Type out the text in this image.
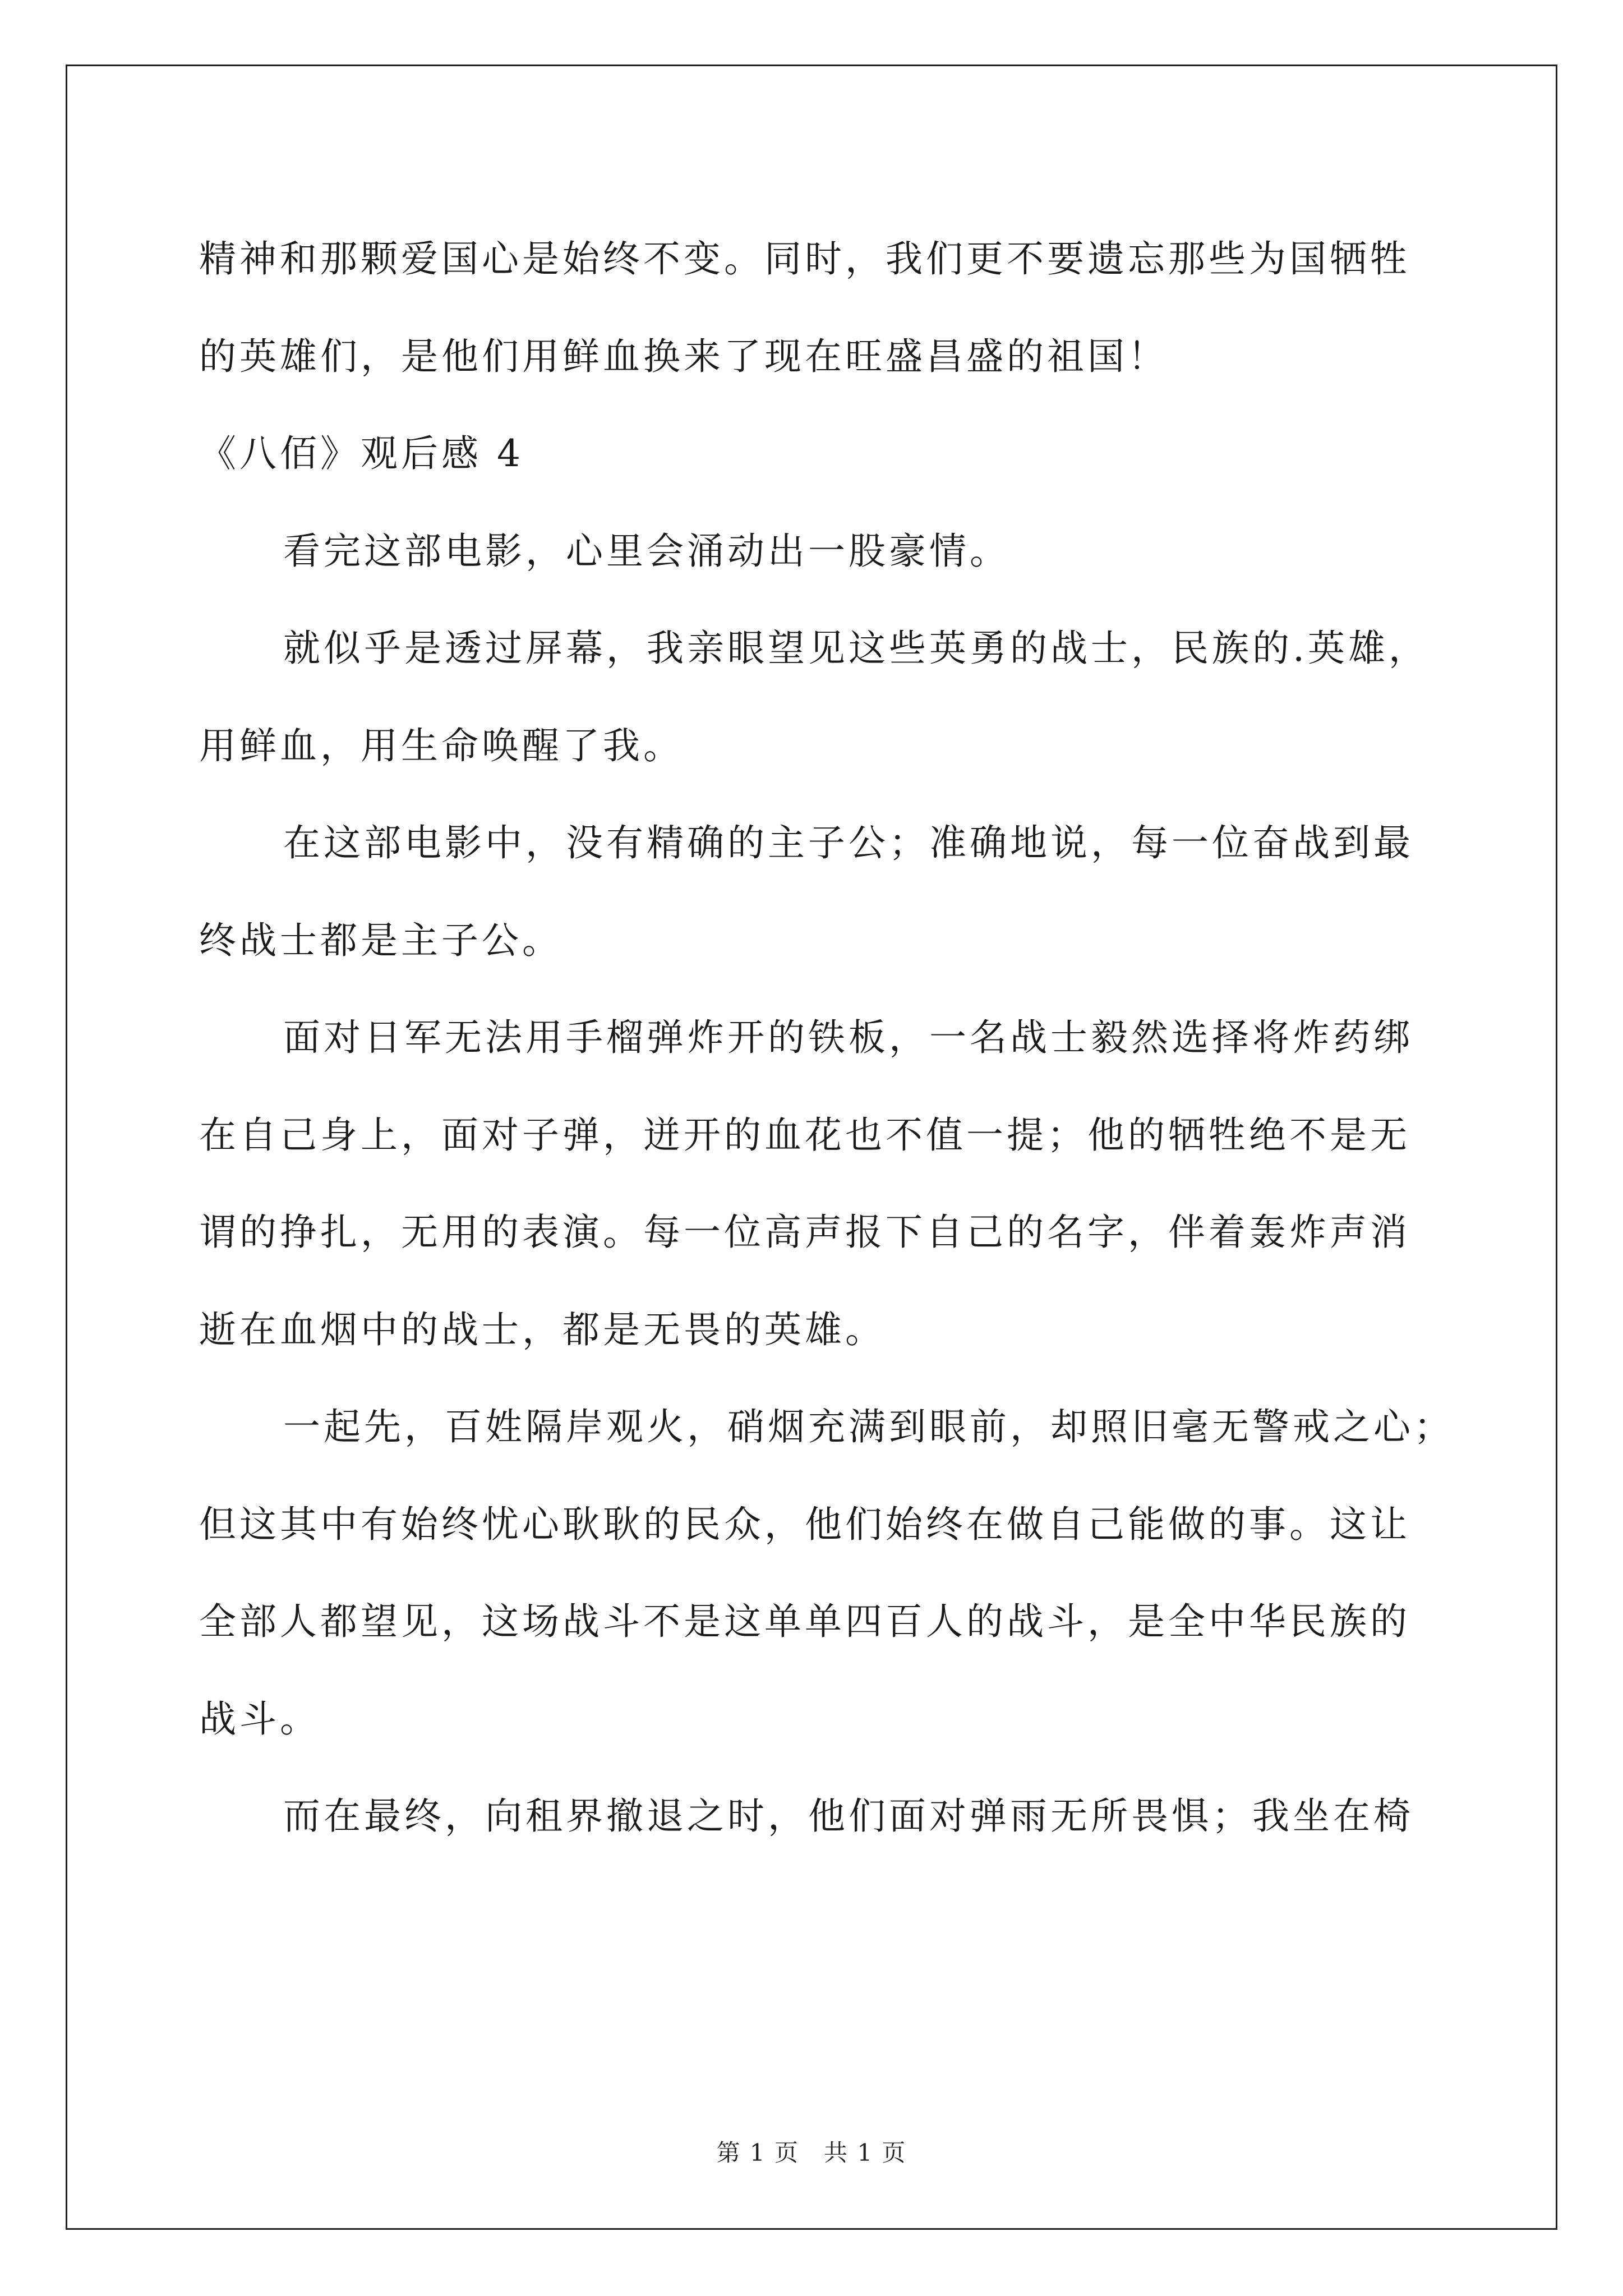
精神和那颗爱国心是始终不变。同时，我们更不要遗忘那些为国牺牲
的英雄们，是他们用鲜血换来了现在旺盛昌盛的祖国！
《八佰》观后感 4
看完这部电影，心里会涌动出一股豪情。
就似乎是透过屏幕，我亲眼望见这些英勇的战士，民族的.英雄，
用鲜血，用生命唤醒了我。
在这部电影中，没有精确的主子公；准确地说，每一位奋战到最
终战士都是主子公。
面对日军无法用手榴弹炸开的铁板，一名战士毅然选择将炸药绑
在自己身上，面对子弹，迸开的血花也不值一提；他的牺牲绝不是无
谓的挣扎，无用的表演。每一位高声报下自己的名字，伴着轰炸声消
逝在血烟中的战士，都是无畏的英雄。
一起先，百姓隔岸观火，硝烟充满到眼前，却照旧毫无警戒之心；
但这其中有始终忧心耿耿的民众，他们始终在做自己能做的事。这让
全部人都望见，这场战斗不是这单单四百人的战斗，是全中华民族的
战斗。
而在最终，向租界撤退之时，他们面对弹雨无所畏惧；我坐在椅
第 1 页　共 1 页
